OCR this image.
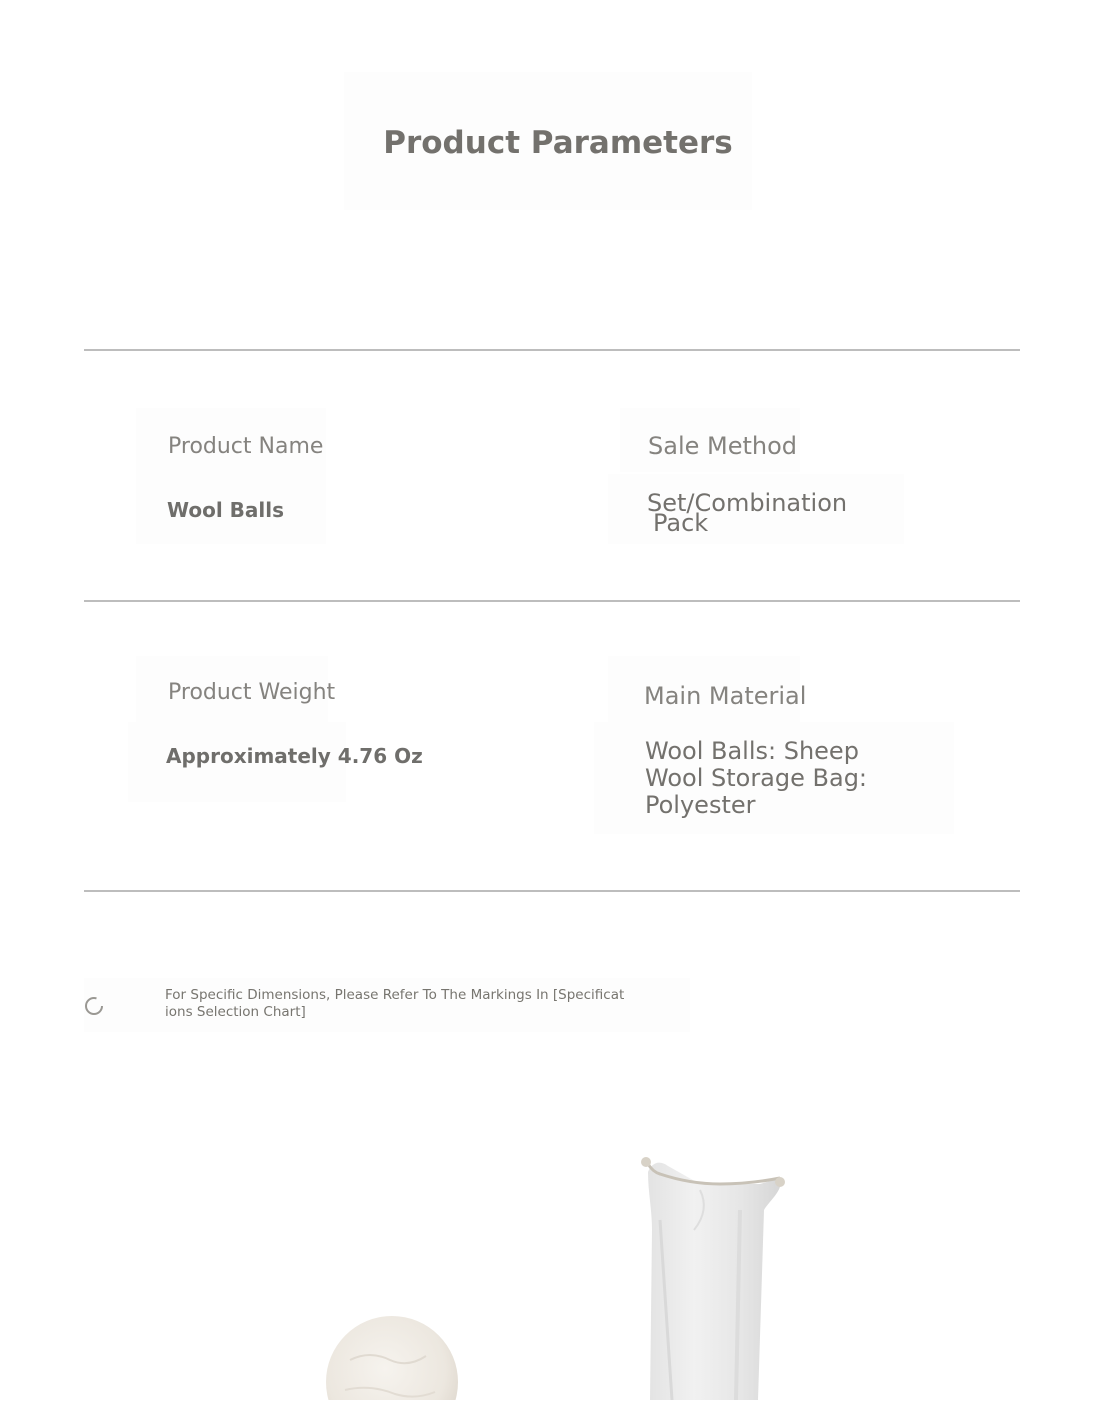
Product Parameters
Product Name
Wool Balls
Sale Method
Set/Combination
Pack
Product Weight
Approximately 4.76 Oz
Main Material
Wool Balls: Sheep Wool Storage Bag: Polyester
For Specific Dimensions, Please Refer To The Markings In [Specifications Selection Chart]
